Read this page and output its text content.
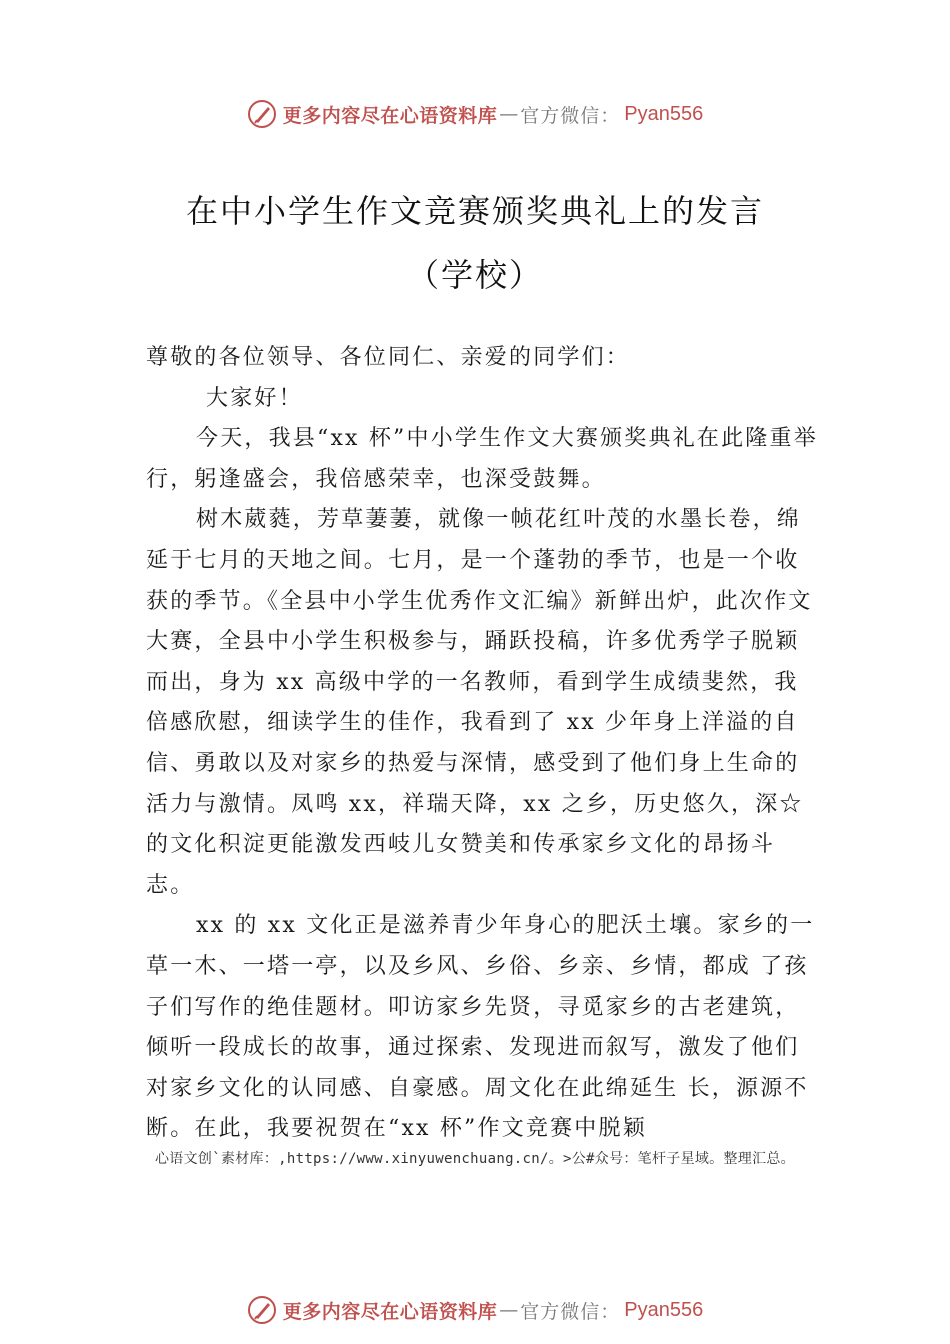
更多内容尽在心语资料库 — 官方微信： Pyan556
在中小学生作文竞赛颁奖典礼上的发言
（学校）

尊敬的各位领导、各位同仁、亲爱的同学们：

大家好！

今天，我县“xx 杯”中小学生作文大赛颁奖典礼在此隆重举行，躬逢盛会，我倍感荣幸，也深受鼓舞。

树木葳蕤，芳草萋萋，就像一帧花红叶茂的水墨长卷，绵延于七月的天地之间。七月，是一个蓬勃的季节，也是一个收获的季节。《全县中小学生优秀作文汇编》新鲜出炉，此次作文大赛，全县中小学生积极参与，踊跃投稿，许多优秀学子脱颖而出，身为 xx 高级中学的一名教师，看到学生成绩斐然，我倍感欣慰，细读学生的佳作，我看到了 xx 少年身上洋溢的自信、勇敢以及对家乡的热爱与深情，感受到了他们身上生命的活力与激情。凤鸣 xx，祥瑞天降，xx 之乡，历史悠久，深☆的文化积淀更能激发西岐儿女赞美和传承家乡文化的昂扬斗志。

xx 的 xx 文化正是滋养青少年身心的肥沃土壤。家乡的一草一木、一塔一亭，以及乡风、乡俗、乡亲、乡情，都成 了孩子们写作的绝佳题材。叩访家乡先贤，寻觅家乡的古老建筑，倾听一段成长的故事，通过探索、发现进而叙写，激发了他们对家乡文化的认同感、自豪感。周文化在此绵延生 长，源源不断。在此，我要祝贺在“xx 杯”作文竞赛中脱颖

心语文创`素材库：,https://www.xinyuwenchuang.cn/。>公#众号：笔杆子星域。整理汇总。
更多内容尽在心语资料库 — 官方微信： Pyan556
